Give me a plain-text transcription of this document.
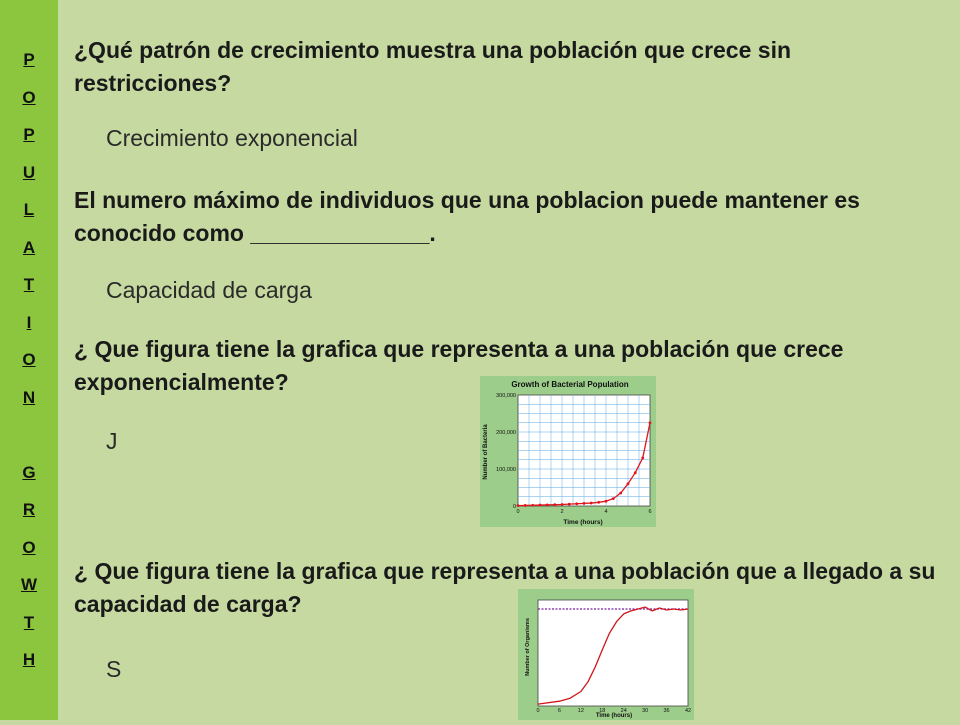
P
O
P
U
L
A
T
I
O
N
G
R
O
W
T
H
¿Qué patrón de crecimiento muestra una población que crece sin restricciones?
Crecimiento exponencial
El numero máximo de individuos que una poblacion puede mantener es conocido como ______________.
Capacidad de carga
¿ Que figura tiene la grafica que representa a una población que crece exponencialmente?
J
¿ Que figura tiene la grafica que representa a una población que a llegado a su capacidad de carga?
S
Growth of Bacterial Population
Number of Bacteria
Time (hours)
0
100,000
200,000
300,000
0	2	4	6
Number of Organisms
Time (hours)
0	6	12	18	24	30	36	42
